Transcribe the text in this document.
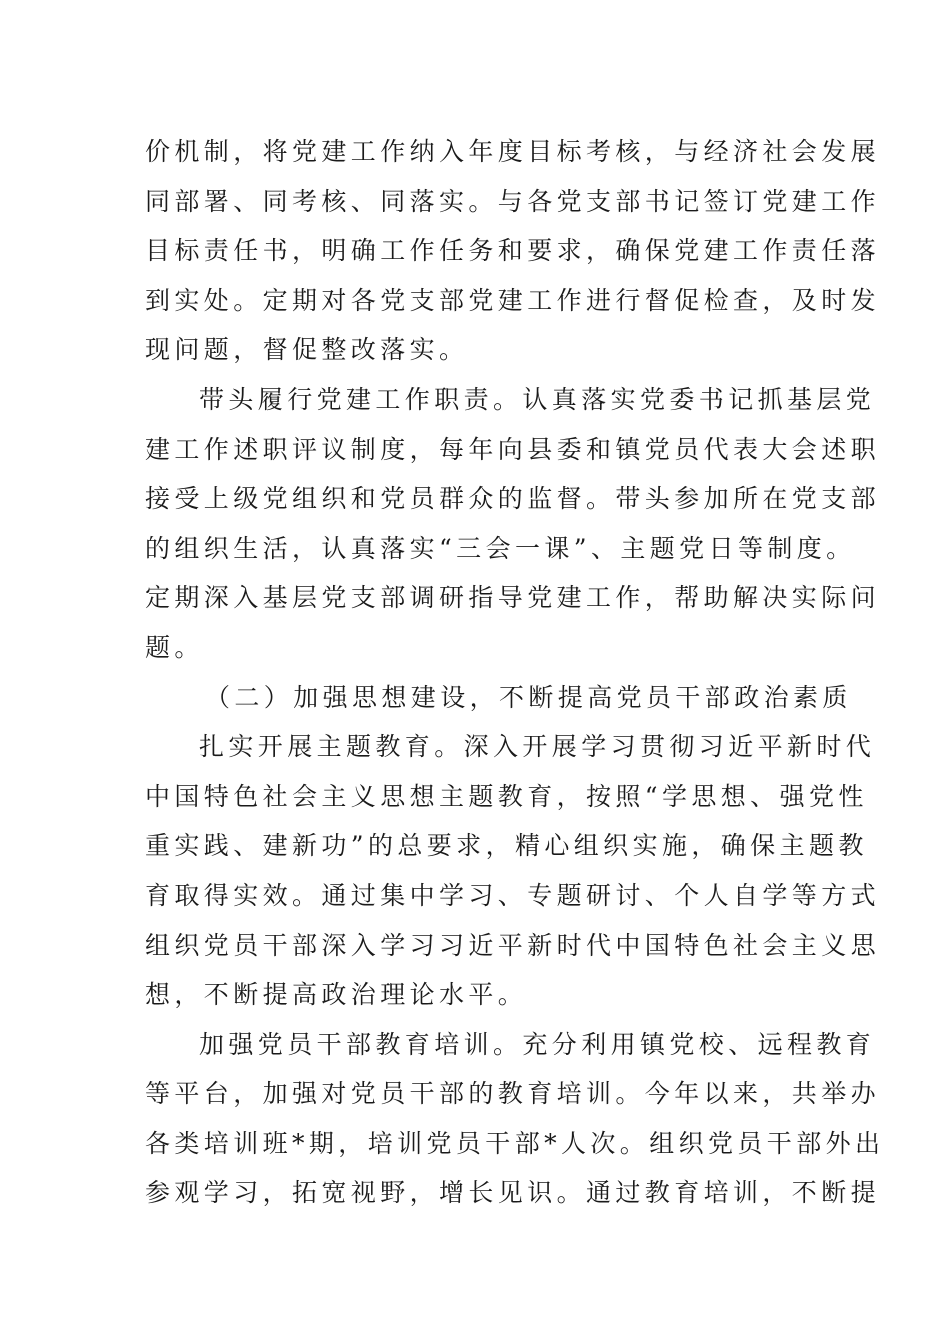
价机制，将党建工作纳入年度目标考核，与经济社会发展
同部署、同考核、同落实。与各党支部书记签订党建工作
目标责任书，明确工作任务和要求，确保党建工作责任落
到实处。定期对各党支部党建工作进行督促检查，及时发
现问题，督促整改落实。
带头履行党建工作职责。认真落实党委书记抓基层党
建工作述职评议制度，每年向县委和镇党员代表大会述职
接受上级党组织和党员群众的监督。带头参加所在党支部
的组织生活，认真落实“三会一课”、主题党日等制度。
定期深入基层党支部调研指导党建工作，帮助解决实际问
题。
（二）加强思想建设，不断提高党员干部政治素质
扎实开展主题教育。深入开展学习贯彻习近平新时代
中国特色社会主义思想主题教育，按照“学思想、强党性
重实践、建新功”的总要求，精心组织实施，确保主题教
育取得实效。通过集中学习、专题研讨、个人自学等方式
组织党员干部深入学习习近平新时代中国特色社会主义思
想，不断提高政治理论水平。
加强党员干部教育培训。充分利用镇党校、远程教育
等平台，加强对党员干部的教育培训。今年以来，共举办
各类培训班*期，培训党员干部*人次。组织党员干部外出
参观学习，拓宽视野，增长见识。通过教育培训，不断提
